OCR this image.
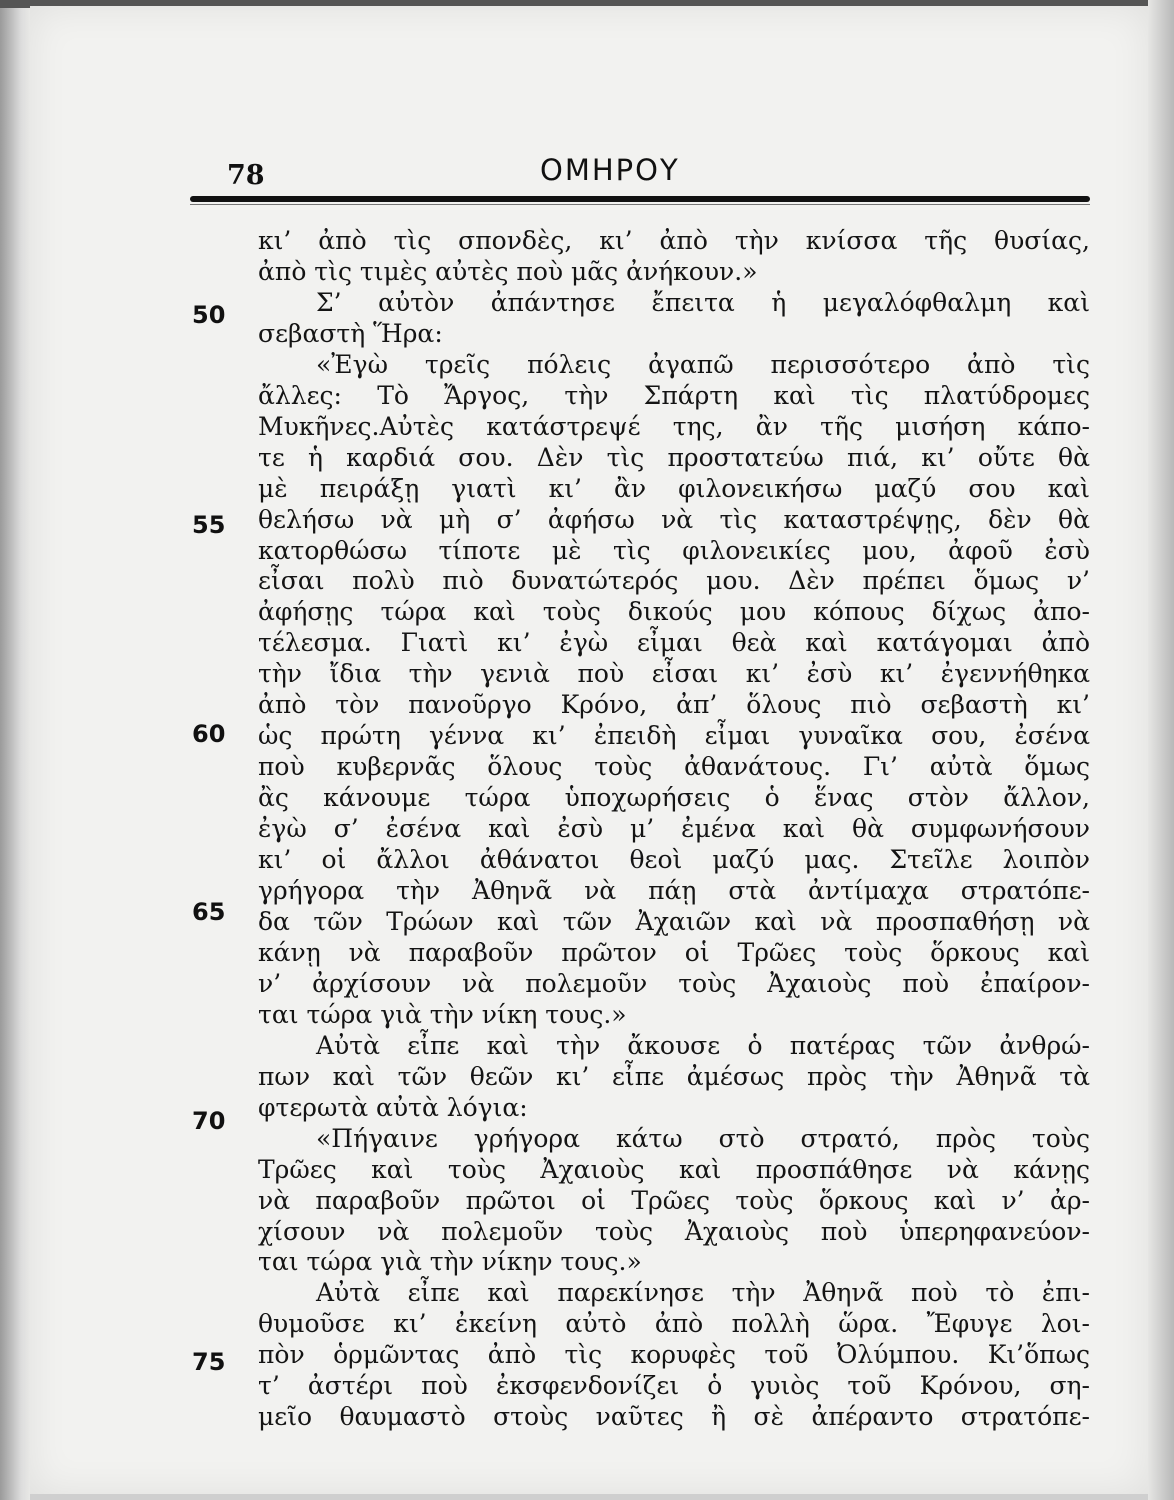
78	ΟΜΗΡΟΥ
50
55
60
65
70
75
κι’ ἀπὸ τὶς σπονδὲς, κι’ ἀπὸ τὴν κνίσσα τῆς θυσίας,
ἀπὸ τὶς τιμὲς αὐτὲς ποὺ μᾶς ἀνήκουν.»
Σ’ αὐτὸν ἀπάντησε ἔπειτα ἡ μεγαλόφθαλμη καὶ
σεβαστὴ Ἥρα:
«Ἐγὼ τρεῖς πόλεις ἀγαπῶ περισσότερο ἀπὸ τὶς
ἄλλες: Τὸ Ἄργος, τὴν Σπάρτη καὶ τὶς πλατύδρομες
Μυκῆνες.Αὐτὲς κατάστρεψέ της, ἂν τῆς μισήση κάπο-
τε ἡ καρδιά σου. Δὲν τὶς προστατεύω πιά, κι’ οὔτε θὰ
μὲ πειράξῃ γιατὶ κι’ ἂν φιλονεικήσω μαζύ σου καὶ
θελήσω νὰ μὴ σ’ ἀφήσω νὰ τὶς καταστρέψῃς, δὲν θὰ
κατορθώσω τίποτε μὲ τὶς φιλονεικίες μου, ἀφοῦ ἐσὺ
εἶσαι πολὺ πιὸ δυνατώτερός μου. Δὲν πρέπει ὅμως ν’
ἀφήσῃς τώρα καὶ τοὺς δικούς μου κόπους δίχως ἀπο-
τέλεσμα. Γιατὶ κι’ ἐγὼ εἶμαι θεὰ καὶ κατάγομαι ἀπὸ
τὴν ἴδια τὴν γενιὰ ποὺ εἶσαι κι’ ἐσὺ κι’ ἐγεννήθηκα
ἀπὸ τὸν πανοῦργο Κρόνο, ἀπ’ ὅλους πιὸ σεβαστὴ κι’
ὡς πρώτη γέννα κι’ ἐπειδὴ εἶμαι γυναῖκα σου, ἐσένα
ποὺ κυβερνᾶς ὅλους τοὺς ἀθανάτους. Γι’ αὐτὰ ὅμως
ἂς κάνουμε τώρα ὑποχωρήσεις ὁ ἕνας στὸν ἄλλον,
ἐγὼ σ’ ἐσένα καὶ ἐσὺ μ’ ἐμένα καὶ θὰ συμφωνήσουν
κι’ οἱ ἄλλοι ἀθάνατοι θεοὶ μαζύ μας. Στεῖλε λοιπὸν
γρήγορα τὴν Ἀθηνᾶ νὰ πάῃ στὰ ἀντίμαχα στρατόπε-
δα τῶν Τρώων καὶ τῶν Ἀχαιῶν καὶ νὰ προσπαθήσῃ νὰ
κάνῃ νὰ παραβοῦν πρῶτον οἱ Τρῶες τοὺς ὅρκους καὶ
ν’ ἀρχίσουν νὰ πολεμοῦν τοὺς Ἀχαιοὺς ποὺ ἐπαίρον-
ται τώρα γιὰ τὴν νίκη τους.»
Αὐτὰ εἶπε καὶ τὴν ἄκουσε ὁ πατέρας τῶν ἀνθρώ-
πων καὶ τῶν θεῶν κι’ εἶπε ἀμέσως πρὸς τὴν Ἀθηνᾶ τὰ
φτερωτὰ αὐτὰ λόγια:
«Πήγαινε γρήγορα κάτω στὸ στρατό, πρὸς τοὺς
Τρῶες καὶ τοὺς Ἀχαιοὺς καὶ προσπάθησε νὰ κάνῃς
νὰ παραβοῦν πρῶτοι οἱ Τρῶες τοὺς ὅρκους καὶ ν’ ἀρ-
χίσουν νὰ πολεμοῦν τοὺς Ἀχαιοὺς ποὺ ὑπερηφανεύον-
ται τώρα γιὰ τὴν νίκην τους.»
Αὐτὰ εἶπε καὶ παρεκίνησε τὴν Ἀθηνᾶ ποὺ τὸ ἐπι-
θυμοῦσε κι’ ἐκείνη αὐτὸ ἀπὸ πολλὴ ὥρα. Ἔφυγε λοι-
πὸν ὁρμῶντας ἀπὸ τὶς κορυφὲς τοῦ Ὀλύμπου. Κι’ὅπως
τ’ ἀστέρι ποὺ ἐκσφενδονίζει ὁ γυιὸς τοῦ Κρόνου, ση-
μεῖο θαυμαστὸ στοὺς ναῦτες ἢ σὲ ἀπέραντο στρατόπε-
